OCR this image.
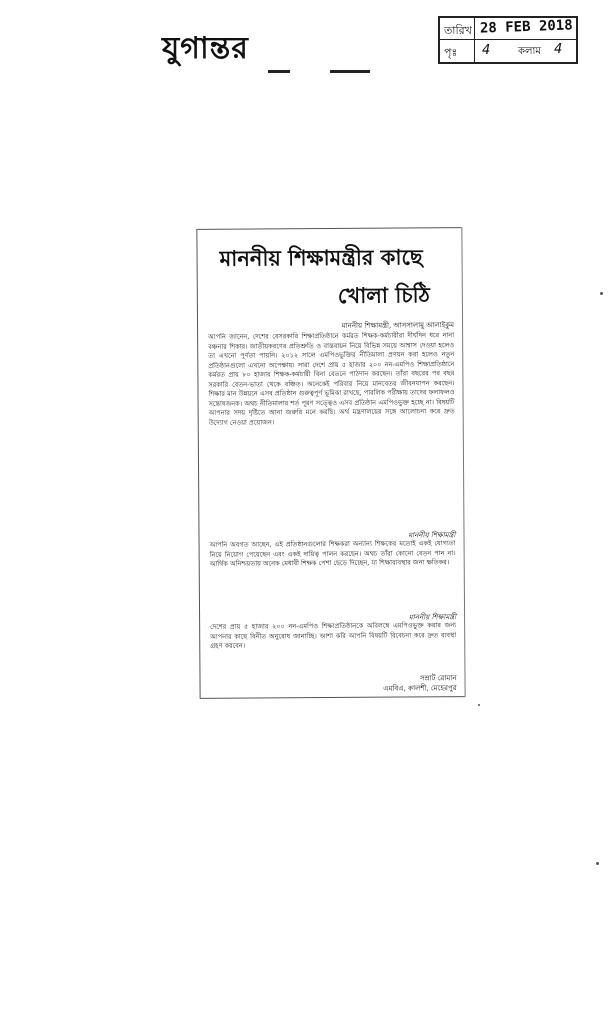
যুগান্তর
তারিখ 28 FEB 2018
পৃঃ	4	কলাম	4
মাননীয় শিক্ষামন্ত্রীর কাছে
খোলা চিঠি
মাননীয় শিক্ষামন্ত্রী, আসসালামু আলাইকুম
আপনি জানেন, দেশের বেসরকারি শিক্ষাপ্রতিষ্ঠানে কর্মরত শিক্ষক-কর্মচারীরা দীর্ঘদিন ধরে নানা বঞ্চনার শিকার। জাতীয়করণের প্রতিশ্রুতি ও বাস্তবায়ন নিয়ে বিভিন্ন সময়ে আশ্বাস দেওয়া হলেও তা এখনো পূর্ণতা পায়নি। ২০১২ সালে এমপিওভুক্তির নীতিমালা প্রণয়ন করা হলেও নতুন প্রতিষ্ঠানগুলো এখনো অপেক্ষায়। সারা দেশে প্রায় ৫ হাজার ২০০ নন-এমপিও শিক্ষাপ্রতিষ্ঠানে কর্মরত প্রায় ৮০ হাজার শিক্ষক-কর্মচারী বিনা বেতনে পাঠদান করছেন। তাঁরা বছরের পর বছর সরকারি বেতন-ভাতা থেকে বঞ্চিত। অনেকেই পরিবার নিয়ে মানবেতর জীবনযাপন করছেন। শিক্ষার মান উন্নয়নে এসব প্রতিষ্ঠান গুরুত্বপূর্ণ ভূমিকা রাখছে, পাবলিক পরীক্ষায় তাদের ফলাফলও সন্তোষজনক। অথচ নীতিমালার শর্ত পূরণ সত্ত্বেও এসব প্রতিষ্ঠান এমপিওভুক্ত হচ্ছে না। বিষয়টি আপনার সদয় দৃষ্টিতে আনা জরুরি মনে করছি। অর্থ মন্ত্রণালয়ের সঙ্গে আলোচনা করে দ্রুত উদ্যোগ নেওয়া প্রয়োজন।
মাননীয় শিক্ষামন্ত্রী
আপনি অবগত আছেন, এই প্রতিষ্ঠানগুলোর শিক্ষকরা অন্যান্য শিক্ষকের মতোই একই যোগ্যতা নিয়ে নিয়োগ পেয়েছেন এবং একই দায়িত্ব পালন করছেন। অথচ তাঁরা কোনো বেতন পান না। আর্থিক অনিশ্চয়তায় অনেক মেধাবী শিক্ষক পেশা ছেড়ে দিচ্ছেন, যা শিক্ষাব্যবস্থার জন্য ক্ষতিকর।
মাননীয় শিক্ষামন্ত্রী
দেশের প্রায় ৫ হাজার ২০০ নন-এমপিও শিক্ষাপ্রতিষ্ঠানকে অবিলম্বে এমপিওভুক্ত করার জন্য আপনার কাছে বিনীত অনুরোধ জানাচ্ছি। আশা করি আপনি বিষয়টি বিবেচনা করে দ্রুত ব্যবস্থা গ্রহণ করবেন।
সম্রাট রোমান
এমবিএ, কালশী, মেহেরপুর
